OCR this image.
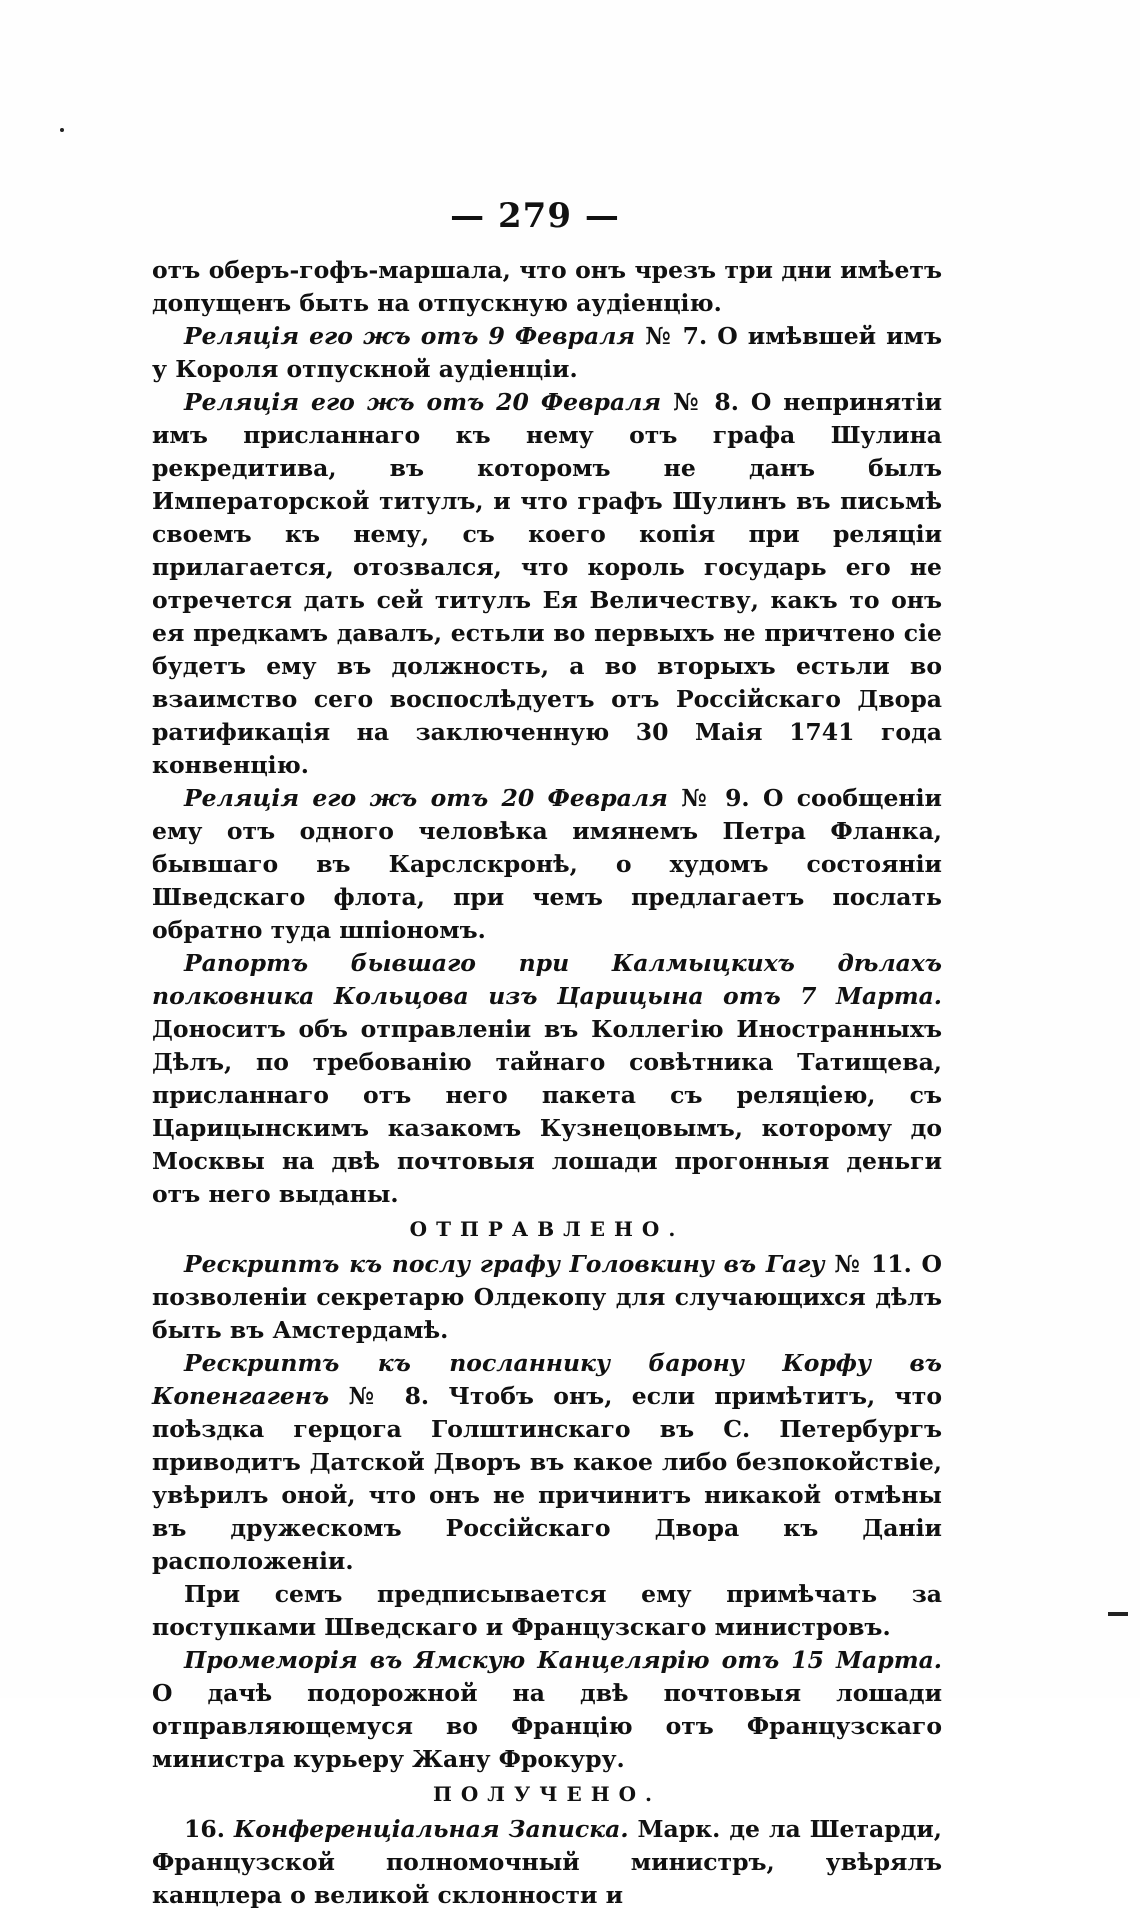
— 279 —

отъ оберъ-гофъ-маршала, что онъ чрезъ три дни имѣетъ допущенъ быть на отпускную аудіенцію.

Реляція его жъ отъ 9 Февраля № 7. О имѣвшей имъ у Короля отпускной аудіенціи.

Реляція его жъ отъ 20 Февраля № 8. О непринятіи имъ присланнаго къ нему отъ графа Шулина рекредитива, въ которомъ не данъ былъ Императорской титулъ, и что графъ Шулинъ въ письмѣ своемъ къ нему, съ коего копія при реляціи прилагается, отозвался, что король государь его не отречется дать сей титулъ Ея Величеству, какъ то онъ ея предкамъ давалъ, естьли во первыхъ не причтено сіе будетъ ему въ должность, а во вторыхъ естьли во взаимство сего воспослѣдуетъ отъ Россійскаго Двора ратификація на заключенную 30 Маія 1741 года конвенцію.

Реляція его жъ отъ 20 Февраля № 9. О сообщеніи ему отъ одного человѣка имянемъ Петра Фланка, бывшаго въ Карслскронѣ, о худомъ состояніи Шведскаго флота, при чемъ предлагаетъ послать обратно туда шпіономъ.

Рапортъ бывшаго при Калмыцкихъ дѣлахъ полковника Кольцова изъ Царицына отъ 7 Марта. Доноситъ объ отправленіи въ Коллегію Иностранныхъ Дѣлъ, по требованію тайнаго совѣтника Татищева, присланнаго отъ него пакета съ реляціею, съ Царицынскимъ казакомъ Кузнецовымъ, которому до Москвы на двѣ почтовыя лошади прогонныя деньги отъ него выданы.

ОТПРАВЛЕНО.

Рескриптъ къ послу графу Головкину въ Гагу № 11. О позволеніи секретарю Олдекопу для случающихся дѣлъ быть въ Амстердамѣ.

Рескриптъ къ посланнику барону Корфу въ Копенгагенъ № 8. Чтобъ онъ, если примѣтитъ, что поѣздка герцога Голштинскаго въ С. Петербургъ приводитъ Датской Дворъ въ какое либо безпокойствіе, увѣрилъ оной, что онъ не причинитъ никакой отмѣны въ дружескомъ Россійскаго Двора къ Даніи расположеніи.

При семъ предписывается ему примѣчать за поступками Шведскаго и Французскаго министровъ.

Промеморія въ Ямскую Канцелярію отъ 15 Марта. О дачѣ подорожной на двѣ почтовыя лошади отправляющемуся во Францію отъ Французскаго министра курьеру Жану Фрокуру.

ПОЛУЧЕНО.

16. Конференціальная Записка. Марк. де ла Шетарди, Французской полномочный министръ, увѣрялъ канцлера о великой склонности и
